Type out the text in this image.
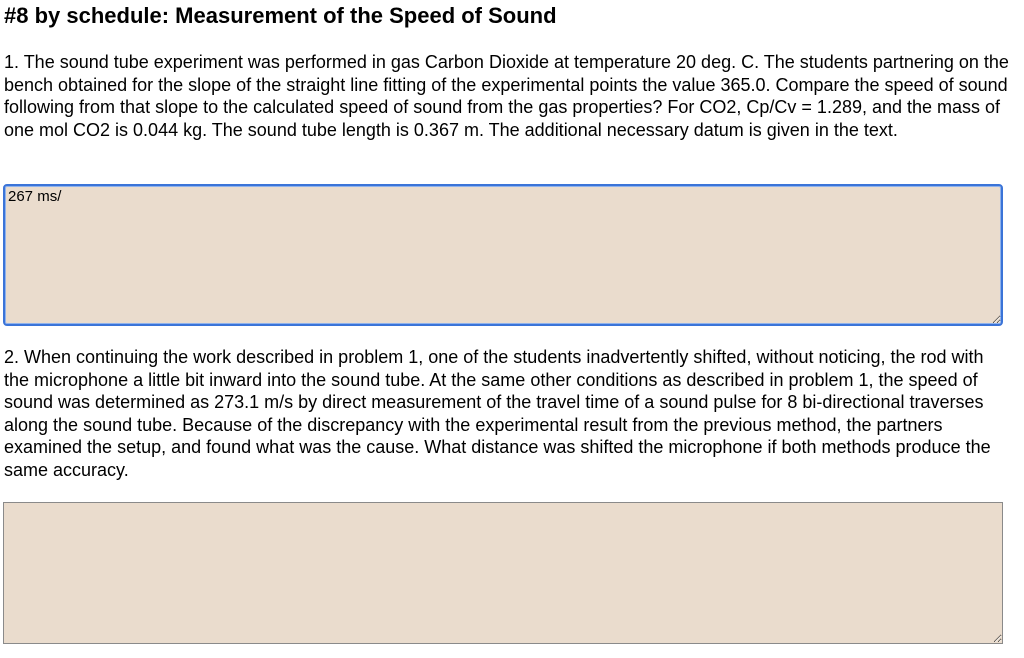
#8 by schedule: Measurement of the Speed of Sound

1. The sound tube experiment was performed in gas Carbon Dioxide at temperature 20 deg. C. The students partnering on the bench obtained for the slope of the straight line fitting of the experimental points the value 365.0. Compare the speed of sound following from that slope to the calculated speed of sound from the gas properties? For CO2, Cp/Cv = 1.289, and the mass of one mol CO2 is 0.044 kg. The sound tube length is 0.367 m. The additional necessary datum is given in the text.

267 ms/

2. When continuing the work described in problem 1, one of the students inadvertently shifted, without noticing, the rod with the microphone a little bit inward into the sound tube. At the same other conditions as described in problem 1, the speed of sound was determined as 273.1 m/s by direct measurement of the travel time of a sound pulse for 8 bi-directional traverses along the sound tube. Because of the discrepancy with the experimental result from the previous method, the partners examined the setup, and found what was the cause. What distance was shifted the microphone if both methods produce the same accuracy.
